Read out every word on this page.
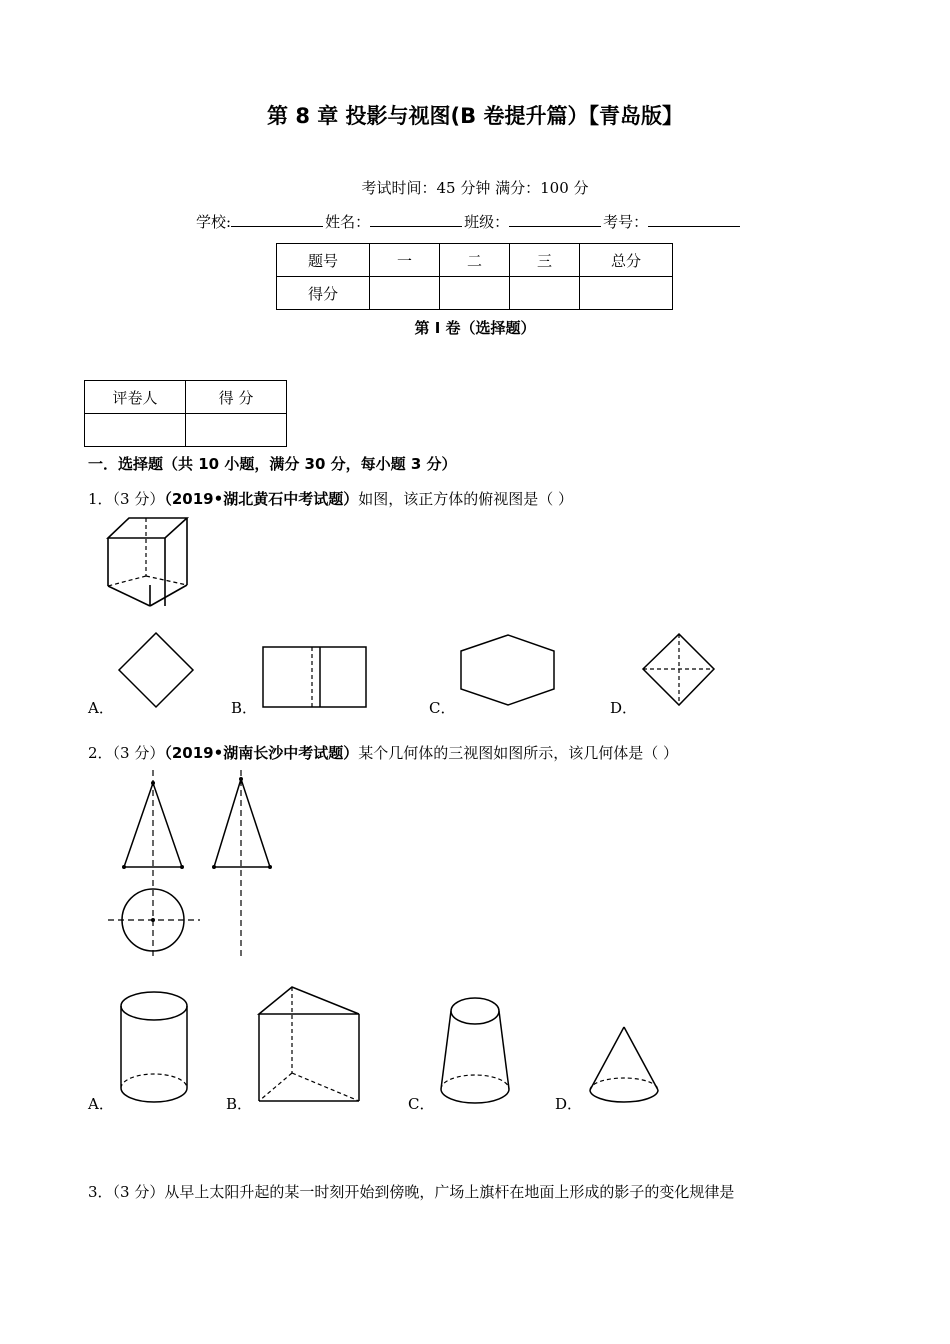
第 8 章 投影与视图(B 卷提升篇）【青岛版】
考试时间：45 分钟 满分：100 分
学校:	姓名：	班级：	考号：
题号	一	二	三	总分
得分				
第 I 卷（选择题）
评卷人	得 分

一．选择题（共 10 小题，满分 30 分，每小题 3 分）
1．（3 分）（2019•湖北黄石中考试题）如图，该正方体的俯视图是（ ）
A．	B．	C．	D．
2．（3 分）（2019•湖南长沙中考试题）某个几何体的三视图如图所示，该几何体是（ ）
A．	B．	C．	D．
3．（3 分）从早上太阳升起的某一时刻开始到傍晚，广场上旗杆在地面上形成的影子的变化规律是
